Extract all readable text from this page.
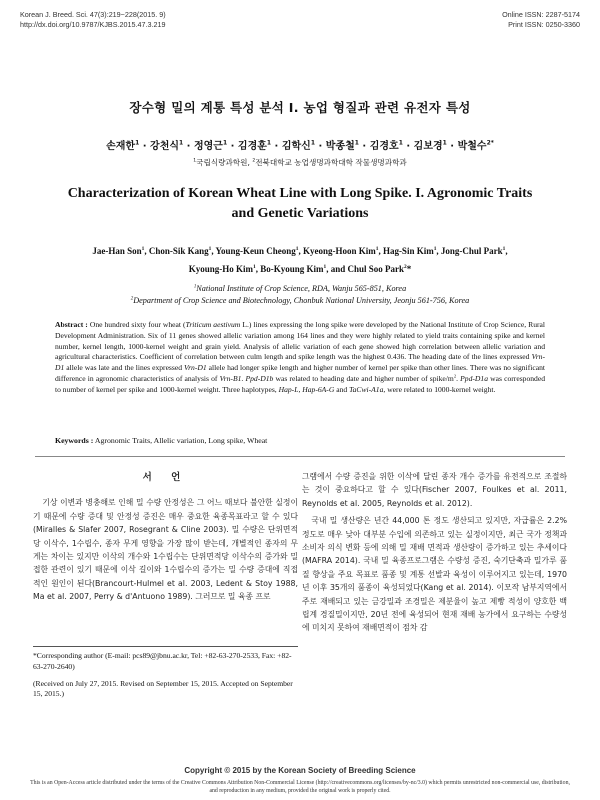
Korean J. Breed. Sci. 47(3):219~228(2015. 9)
http://dx.doi.org/10.9787/KJBS.2015.47.3.219
Online ISSN: 2287-5174
Print ISSN: 0250-3360
장수형 밀의 계통 특성 분석 I. 농업 형질과 관련 유전자 특성
손재한$^1$ · 강천식$^1$ · 정영근$^1$ · 김경훈$^1$ · 김학신$^1$ · 박종철$^1$ · 김경호$^1$ · 김보경$^1$ · 박철수$^{2*}$
$^1$국립식량과학원, $^2$전북대학교 농업생명과학대학 작물생명과학과
Characterization of Korean Wheat Line with Long Spike. I. Agronomic Traits
and Genetic Variations
Jae-Han Son$^1$, Chon-Sik Kang$^1$, Young-Keun Cheong$^1$, Kyeong-Hoon Kim$^1$, Hag-Sin Kim$^1$, Jong-Chul Park$^1$,
Kyoung-Ho Kim$^1$, Bo-Kyoung Kim$^1$, and Chul Soo Park$^2$*
$^1$National Institute of Crop Science, RDA, Wanju 565-851, Korea
$^2$Department of Crop Science and Biotechnology, Chonbuk National University, Jeonju 561-756, Korea
Abstract : One hundred sixty four wheat (Triticum aestivum L.) lines expressing the long spike were developed by the National Institute of Crop Science, Rural Development Administration. Six of 11 genes showed allelic variation among 164 lines and they were highly related to yield traits containing spike and kernel number, kernel length, 1000-kernel weight and grain yield. Analysis of allelic variation of each gene showed high correlation between allelic variation and agricultural characteristics. Coefficient of correlation between culm length and spike length was the highest 0.436. The heading date of the lines expressed Vrn-D1 allele was late and the lines expressed Vrn-D1 allele had longer spike length and higher number of kernel per spike than other lines. There was no significant difference in agronomic characteristics of analysis of Vrn-B1. Ppd-D1b was related to heading date and higher number of spike/$m^2$. Ppd-D1a was corresponded to number of kernel per spike and 1000-kernel weight. Three haplotypes, Hap-L, Hap-6A-G and TaCwi-A1a, were related to 1000-kernel weight.
Keywords : Agronomic Traits, Allelic variation, Long spike, Wheat
서 언

기상 이변과 병충해로 인해 밀 수량 안정성은 그 어느 때보다 불안한 실정이기 때문에 수량 증대 및 안정성 증진은 매우 중요한 육종목표라고 할 수 있다(Miralles & Slafer 2007, Rosegrant & Cline 2003). 밀 수량은 단위면적당 이삭수, 1수립수, 종자 무게 영향을 가장 많이 받는데, 개별적인 종자의 무게는 차이는 있지만 이삭의 개수와 1수립수는 단위면적당 이삭수의 증가와 밀접한 관련이 있기 때문에 이삭 길이와 1수립수의 증가는 밀 수량 증대에 직접적인 원인이 된다(Brancourt-Hulmel et al. 2003, Ledent & Stoy 1988, Ma et al. 2007, Perry & d'Antuono 1989). 그러므로 밀 육종 프로

그램에서 수량 증진을 위한 이삭에 달린 종자 개수 증가를 유전적으로 조절하는 것이 중요하다고 할 수 있다(Fischer 2007, Foulkes et al. 2011, Reynolds et al. 2005, Reynolds et al. 2012).

국내 밀 생산량은 년간 44,000 톤 정도 생산되고 있지만, 자급률은 2.2% 정도로 매우 낮아 대부분 수입에 의존하고 있는 실정이지만, 최근 국가 정책과 소비자 의식 변화 등에 의해 밀 재배 면적과 생산량이 증가하고 있는 추세이다(MAFRA 2014). 국내 밀 육종프로그램은 수량성 증진, 숙기단축과 밀가루 품질 향상을 주요 목표로 품종 및 계통 선발과 육성이 이루어지고 있는데, 1970년 이후 35개의 품종이 육성되었다(Kang et al. 2014). 이모작 남부지역에서 주로 재배되고 있는 금강밀과 조경밀은 제분율이 높고 제빵 적성이 양호한 백립계 경질밀이지만, 20년 전에 육성되어 현재 재배 농가에서 요구하는 수량성에 미치지 못하여 재배면적이 점차 감

*Corresponding author (E-mail: pcs89@jbnu.ac.kr, Tel: +82-63-270-2533, Fax: +82-63-270-2640)
(Received on July 27, 2015. Revised on September 15, 2015. Accepted on September 15, 2015.)
Copyright © 2015 by the Korean Society of Breeding Science
This is an Open-Access article distributed under the terms of the Creative Commons Attribution Non-Commercial License (http://creativecommons.org/licenses/by-nc/3.0) which permits unrestricted non-commercial use, distribution, and reproduction in any medium, provided the original work is properly cited.
